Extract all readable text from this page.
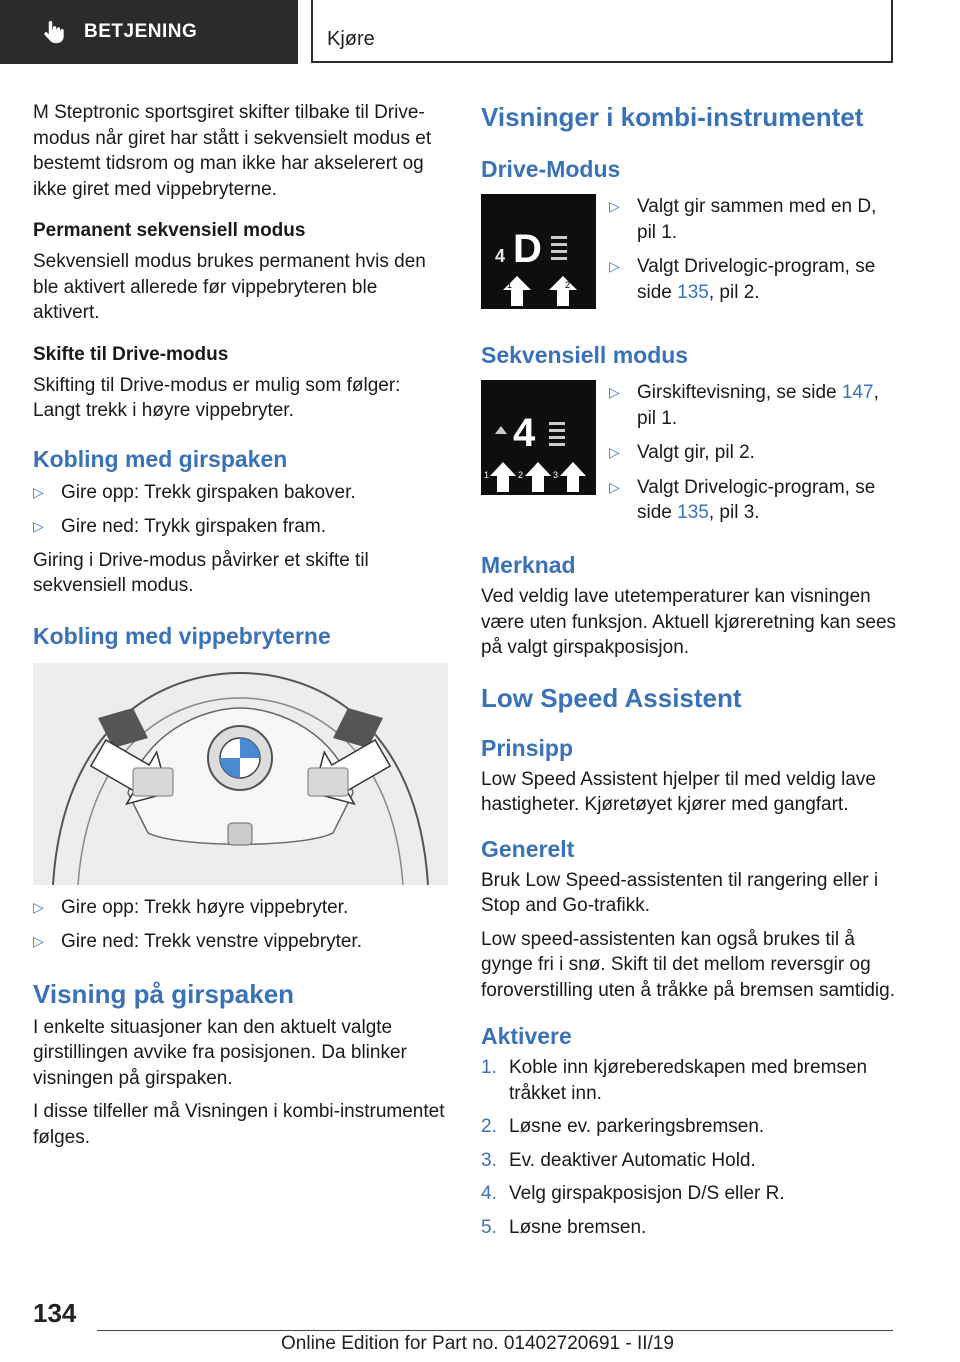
BETJENING	Kjøre

M Steptronic sportsgiret skifter tilbake til Drive-modus når giret har stått i sekvensielt modus et bestemt tidsrom og man ikke har akselerert og ikke giret med vippebryterne.

Permanent sekvensiell modus

Sekvensiell modus brukes permanent hvis den ble aktivert allerede før vippebryteren ble aktivert.

Skifte til Drive-modus

Skifting til Drive-modus er mulig som følger: Langt trekk i høyre vippebryter.

Kobling med girspaken
▷ Gire opp: Trekk girspaken bakover.
▷ Gire ned: Trykk girspaken fram.

Giring i Drive-modus påvirker et skifte til sekvensiell modus.

Kobling med vippebryterne
▷ Gire opp: Trekk høyre vippebryter.
▷ Gire ned: Trekk venstre vippebryter.
Visning på girspaken

I enkelte situasjoner kan den aktuelt valgte girstillingen avvike fra posisjonen. Da blinker visningen på girspaken.

I disse tilfeller må Visningen i kombi-instrumentet følges.

Visninger i kombi-instrumentet
Drive-Modus
4 D
1	2
▷ Valgt gir sammen med en D, pil 1.
▷ Valgt Drivelogic-program, se side 135, pil 2.
Sekvensiell modus
4
1	2	3
▷ Girskiftevisning, se side 147, pil 1.
▷ Valgt gir, pil 2.
▷ Valgt Drivelogic-program, se side 135, pil 3.
Merknad

Ved veldig lave utetemperaturer kan visningen være uten funksjon. Aktuell kjøreretning kan sees på valgt girspakposisjon.

Low Speed Assistent
Prinsipp

Low Speed Assistent hjelper til med veldig lave hastigheter. Kjøretøyet kjører med gangfart.

Generelt

Bruk Low Speed-assistenten til rangering eller i Stop and Go-trafikk.

Low speed-assistenten kan også brukes til å gynge fri i snø. Skift til det mellom reversgir og foroverstilling uten å tråkke på bremsen samtidig.

Aktivere
1. Koble inn kjøreberedskapen med bremsen tråkket inn.
2. Løsne ev. parkeringsbremsen.
3. Ev. deaktiver Automatic Hold.
4. Velg girspakposisjon D/S eller R.
5. Løsne bremsen.
134
Online Edition for Part no. 01402720691 - II/19
